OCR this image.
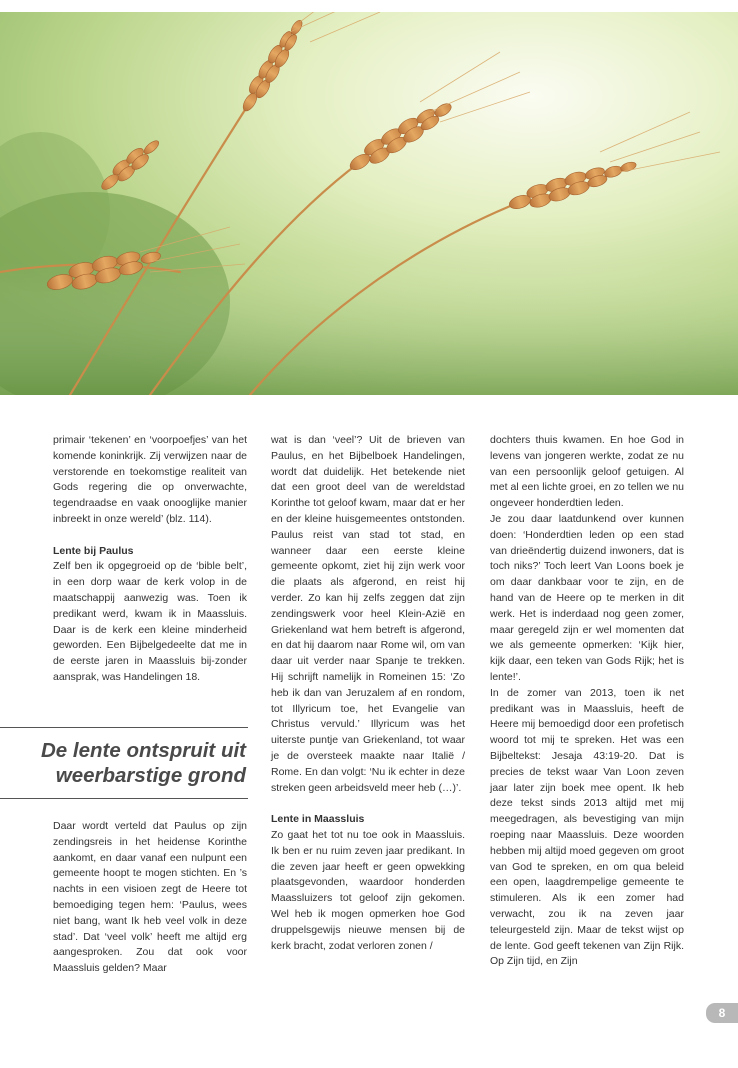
primair ‘tekenen’ en ‘voorpoefjes’ van het komende koninkrijk. Zij verwijzen naar de verstorende en toekomstige realiteit van Gods regering die op onverwachte, tegendraadse en vaak onooglijke manier inbreekt in onze wereld’ (blz. 114).

Lente bij Paulus

Zelf ben ik opgegroeid op de ‘bible belt’, in een dorp waar de kerk volop in de maatschappij aanwezig was. Toen ik predikant werd, kwam ik in Maassluis. Daar is de kerk een kleine minderheid geworden. Een Bijbelgedeelte dat me in de eerste jaren in Maassluis bij-zonder aansprak, was Handelingen 18.

De lente ontspruit uit
weerbarstige grond

Daar wordt verteld dat Paulus op zijn zendingsreis in het heidense Korinthe aankomt, en daar vanaf een nulpunt een gemeente hoopt te mogen stichten. En ’s nachts in een visioen zegt de Heere tot bemoediging tegen hem: ‘Paulus, wees niet bang, want Ik heb veel volk in deze stad’. Dat ‘veel volk’ heeft me altijd erg aangesproken. Zou dat ook voor Maassluis gelden? Maar

wat is dan ‘veel’? Uit de brieven van Paulus, en het Bijbelboek Handelingen, wordt dat duidelijk. Het betekende niet dat een groot deel van de wereldstad Korinthe tot geloof kwam, maar dat er her en der kleine huisgemeentes ontstonden. Paulus reist van stad tot stad, en wanneer daar een eerste kleine gemeente opkomt, ziet hij zijn werk voor die plaats als afgerond, en reist hij verder. Zo kan hij zelfs zeggen dat zijn zendingswerk voor heel Klein-Azië en Griekenland wat hem betreft is afgerond, en dat hij daarom naar Rome wil, om van daar uit verder naar Spanje te trekken. Hij schrijft namelijk in Romeinen 15: ‘Zo heb ik dan van Jeruzalem af en rondom, tot Illyricum toe, het Evangelie van Christus vervuld.’ Illyricum was het uiterste puntje van Griekenland, tot waar je de oversteek maakte naar Italië / Rome. En dan volgt: ‘Nu ik echter in deze streken geen arbeidsveld meer heb (…)’.

Lente in Maassluis

Zo gaat het tot nu toe ook in Maassluis. Ik ben er nu ruim zeven jaar predikant. In die zeven jaar heeft er geen opwekking plaatsgevonden, waardoor honderden Maassluizers tot geloof zijn gekomen. Wel heb ik mogen opmerken hoe God druppelsgewijs nieuwe mensen bij de kerk bracht, zodat verloren zonen /

dochters thuis kwamen. En hoe God in levens van jongeren werkte, zodat ze nu van een persoonlijk geloof getuigen. Al met al een lichte groei, en zo tellen we nu ongeveer honderdtien leden.

Je zou daar laatdunkend over kunnen doen: ‘Honderdtien leden op een stad van drieëndertig duizend inwoners, dat is toch niks?’ Toch leert Van Loons boek je om daar dankbaar voor te zijn, en de hand van de Heere op te merken in dit werk. Het is inderdaad nog geen zomer, maar geregeld zijn er wel momenten dat we als gemeente opmerken: ‘Kijk hier, kijk daar, een teken van Gods Rijk; het is lente!’.

In de zomer van 2013, toen ik net predikant was in Maassluis, heeft de Heere mij bemoedigd door een profetisch woord tot mij te spreken. Het was een Bijbeltekst: Jesaja 43:19-20. Dat is precies de tekst waar Van Loon zeven jaar later zijn boek mee opent. Ik heb deze tekst sinds 2013 altijd met mij meegedragen, als bevestiging van mijn roeping naar Maassluis. Deze woorden hebben mij altijd moed gegeven om groot van God te spreken, en om qua beleid een open, laagdrempelige gemeente te stimuleren. Als ik een zomer had verwacht, zou ik na zeven jaar teleurgesteld zijn. Maar de tekst wijst op de lente. God geeft tekenen van Zijn Rijk. Op Zijn tijd, en Zijn

8
